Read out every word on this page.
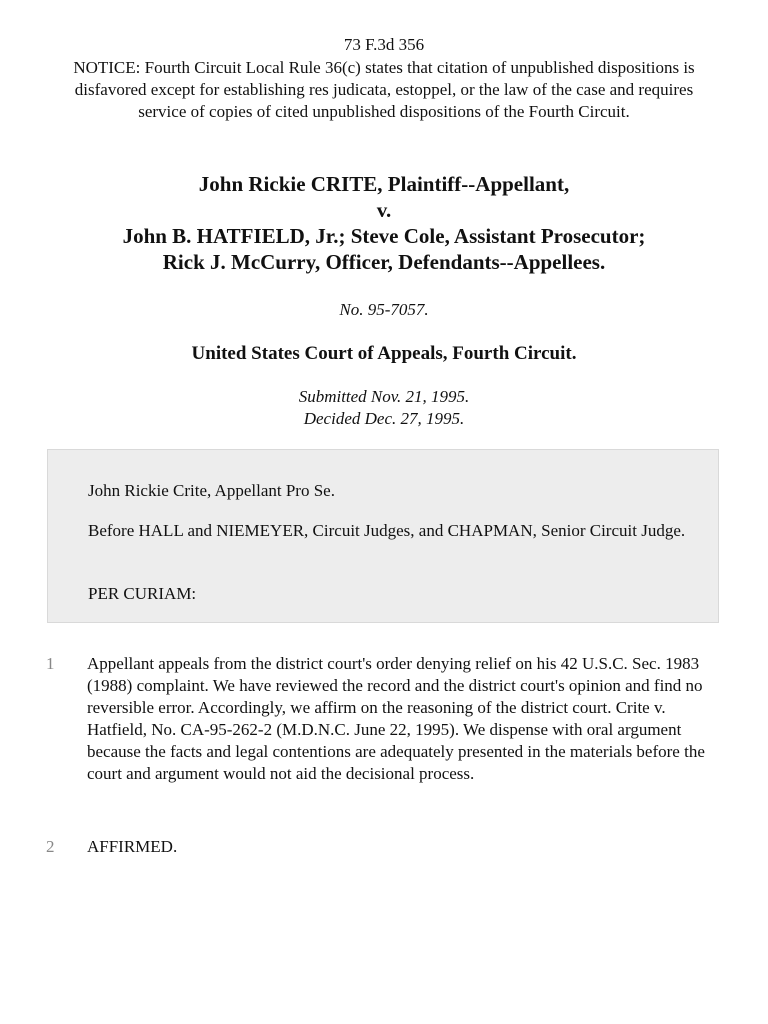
73 F.3d 356
NOTICE: Fourth Circuit Local Rule 36(c) states that citation of unpublished dispositions is disfavored except for establishing res judicata, estoppel, or the law of the case and requires service of copies of cited unpublished dispositions of the Fourth Circuit.
John Rickie CRITE, Plaintiff--Appellant,
v.
John B. HATFIELD, Jr.; Steve Cole, Assistant Prosecutor;
Rick J. McCurry, Officer, Defendants--Appellees.
No. 95-7057.
United States Court of Appeals, Fourth Circuit.
Submitted Nov. 21, 1995.
Decided Dec. 27, 1995.
John Rickie Crite, Appellant Pro Se.
Before HALL and NIEMEYER, Circuit Judges, and CHAPMAN, Senior Circuit Judge.
PER CURIAM:
1	Appellant appeals from the district court's order denying relief on his 42 U.S.C. Sec. 1983 (1988) complaint. We have reviewed the record and the district court's opinion and find no reversible error. Accordingly, we affirm on the reasoning of the district court. Crite v. Hatfield, No. CA-95-262-2 (M.D.N.C. June 22, 1995). We dispense with oral argument because the facts and legal contentions are adequately presented in the materials before the court and argument would not aid the decisional process.
2	AFFIRMED.
